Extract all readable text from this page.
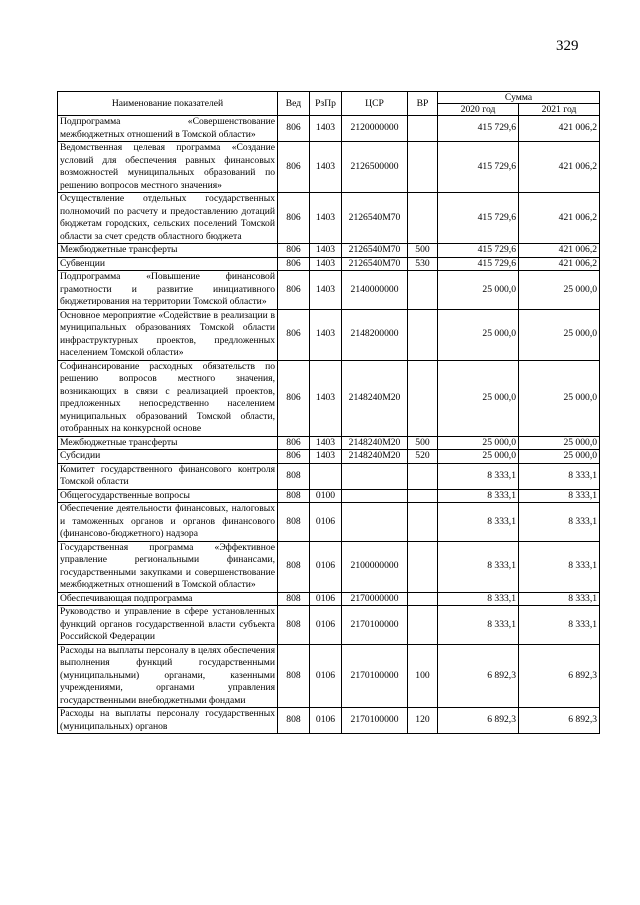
329
Наименование показателей	Вед	РзПр	ЦСР	ВР	Сумма	
					2020 год	2021 год
Подпрограмма «Совершенствование межбюджетных отношений в Томской области»	806	1403	2120000000		415 729,6	421 006,2
Ведомственная целевая программа «Создание условий для обеспечения равных финансовых возможностей муниципальных образований по решению вопросов местного значения»	806	1403	2126500000		415 729,6	421 006,2
Осуществление отдельных государственных полномочий по расчету и предоставлению дотаций бюджетам городских, сельских поселений Томской области за счет средств областного бюджета	806	1403	2126540М70		415 729,6	421 006,2
Межбюджетные трансферты	806	1403	2126540М70	500	415 729,6	421 006,2
Субвенции	806	1403	2126540М70	530	415 729,6	421 006,2
Подпрограмма «Повышение финансовой грамотности и развитие инициативного бюджетирования на территории Томской области»	806	1403	2140000000		25 000,0	25 000,0
Основное мероприятие «Содействие в реализации в муниципальных образованиях Томской области инфраструктурных проектов, предложенных населением Томской области»	806	1403	2148200000		25 000,0	25 000,0
Софинансирование расходных обязательств по решению вопросов местного значения, возникающих в связи с реализацией проектов, предложенных непосредственно населением муниципальных образований Томской области, отобранных на конкурсной основе	806	1403	2148240М20		25 000,0	25 000,0
Межбюджетные трансферты	806	1403	2148240М20	500	25 000,0	25 000,0
Субсидии	806	1403	2148240М20	520	25 000,0	25 000,0
Комитет государственного финансового контроля Томской области	808				8 333,1	8 333,1
Общегосударственные вопросы	808	0100			8 333,1	8 333,1
Обеспечение деятельности финансовых, налоговых и таможенных органов и органов финансового (финансово-бюджетного) надзора	808	0106			8 333,1	8 333,1
Государственная программа «Эффективное управление региональными финансами, государственными закупками и совершенствование межбюджетных отношений в Томской области»	808	0106	2100000000		8 333,1	8 333,1
Обеспечивающая подпрограмма	808	0106	2170000000		8 333,1	8 333,1
Руководство и управление в сфере установленных функций органов государственной власти субъекта Российской Федерации	808	0106	2170100000		8 333,1	8 333,1
Расходы на выплаты персоналу в целях обеспечения выполнения функций государственными (муниципальными) органами, казенными учреждениями, органами управления государственными внебюджетными фондами	808	0106	2170100000	100	6 892,3	6 892,3
Расходы на выплаты персоналу государственных (муниципальных) органов	808	0106	2170100000	120	6 892,3	6 892,3
